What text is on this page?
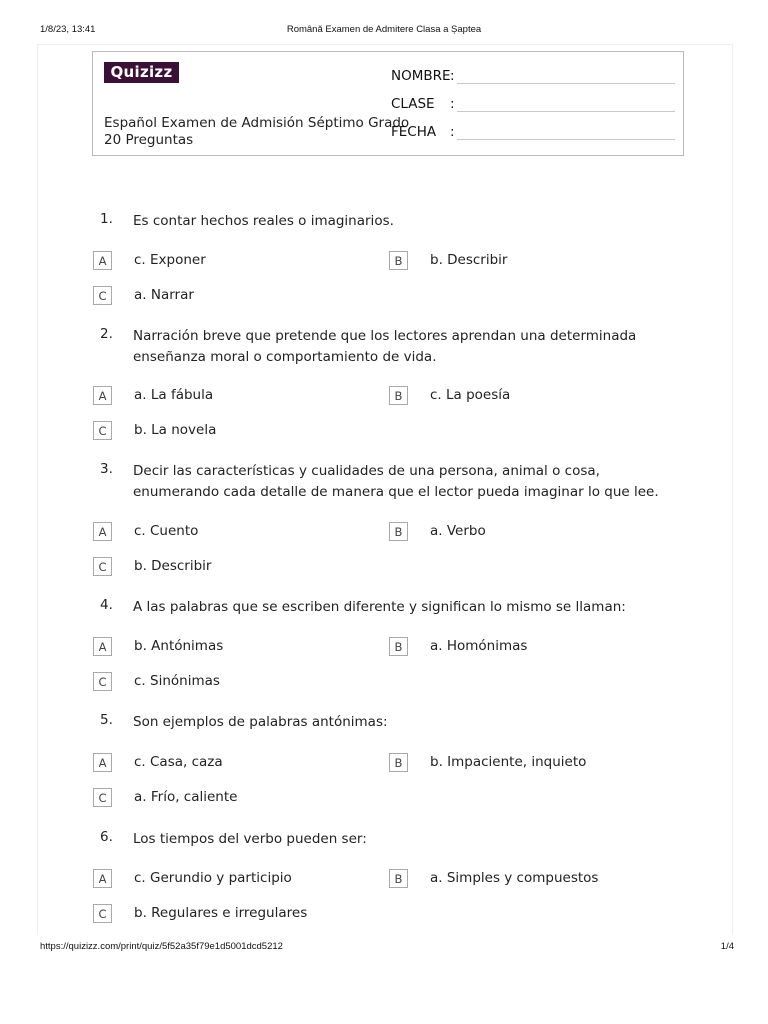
1/8/23, 13:41	Română Examen de Admitere Clasa a Șaptea
Quizizz
Español Examen de Admisión Séptimo Grado
20 Preguntas
NOMBRE :
CLASE :
FECHA :
1. Es contar hechos reales o imaginarios.
A	c. Exponer	B	b. Describir
C	a. Narrar
2. Narración breve que pretende que los lectores aprendan una determinada enseñanza moral o comportamiento de vida.
A	a. La fábula	B	c. La poesía
C	b. La novela
3. Decir las características y cualidades de una persona, animal o cosa, enumerando cada detalle de manera que el lector pueda imaginar lo que lee.
A	c. Cuento	B	a. Verbo
C	b. Describir
4. A las palabras que se escriben diferente y significan lo mismo se llaman:
A	b. Antónimas	B	a. Homónimas
C	c. Sinónimas
5. Son ejemplos de palabras antónimas:
A	c. Casa, caza	B	b. Impaciente, inquieto
C	a. Frío, caliente
6. Los tiempos del verbo pueden ser:
A	c. Gerundio y participio	B	a. Simples y compuestos
C	b. Regulares e irregulares
https://quizizz.com/print/quiz/5f52a35f79e1d5001dcd5212	1/4
